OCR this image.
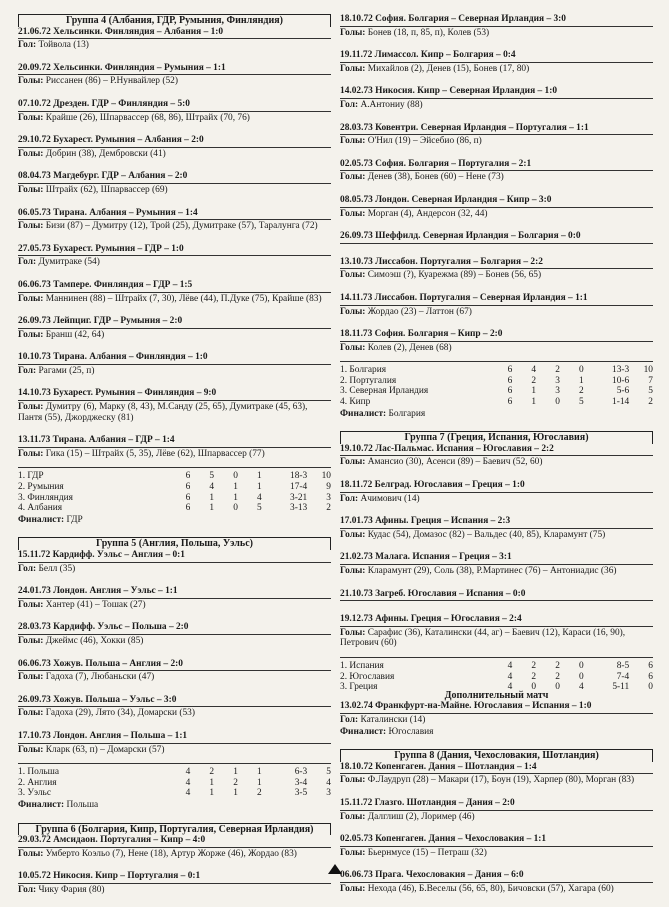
Группа 4 (Албания, ГДР, Румыния, Финляндия)
21.06.72 Хельсинки. Финляндия – Албания – 1:0
Гол: Тойвола (13)
20.09.72 Хельсинки. Финляндия – Румыния – 1:1
Голы: Риссанен (86) – Р.Нунвайлер (52)
07.10.72 Дрезден. ГДР – Финляндия – 5:0
Голы: Крайше (26), Шпарвассер (68, 86), Штрайх (70, 76)
29.10.72 Бухарест. Румыния – Албания – 2:0
Голы: Добрин (38), Дембровски (41)
08.04.73 Магдебург. ГДР – Албания – 2:0
Голы: Штрайх (62), Шпарвассер (69)
06.05.73 Тирана. Албания – Румыния – 1:4
Голы: Бизи (87) – Думитру (12), Трой (25), Думитраке (57), Таралунга (72)
27.05.73 Бухарест. Румыния – ГДР – 1:0
Гол: Думитраке (54)
06.06.73 Тампере. Финляндия – ГДР – 1:5
Голы: Маннинен (88) – Штрайх (7, 30), Лёве (44), П.Дуке (75), Крайше (83)
26.09.73 Лейпциг. ГДР – Румыния – 2:0
Голы: Бранш (42, 64)
10.10.73 Тирана. Албания – Финляндия – 1:0
Гол: Рагами (25, п)
14.10.73 Бухарест. Румыния – Финляндия – 9:0
Голы: Думитру (6), Марку (8, 43), М.Санду (25, 65), Думитраке (45, 63), Пантя (55), Джорджеску (81)
13.11.73 Тирана. Албания – ГДР – 1:4
Голы: Гика (15) – Штрайх (5, 35), Лёве (62), Шпарвассер (77)
1. ГДР	6	5	0	1	18-3	10
2. Румыния	6	4	1	1	17-4	9
3. Финляндия	6	1	1	4	3-21	3
4. Албания	6	1	0	5	3-13	2
Финалист: ГДР
Группа 5 (Англия, Польша, Уэльс)
15.11.72 Кардифф. Уэльс – Англия – 0:1
Гол: Белл (35)
24.01.73 Лондон. Англия – Уэльс – 1:1
Голы: Хантер (41) – Тошак (27)
28.03.73 Кардифф. Уэльс – Польша – 2:0
Голы: Джеймс (46), Хокки (85)
06.06.73 Хожув. Польша – Англия – 2:0
Голы: Гадоха (7), Любаньски (47)
26.09.73 Хожув. Польша – Уэльс – 3:0
Голы: Гадоха (29), Лято (34), Домарски (53)
17.10.73 Лондон. Англия – Польша – 1:1
Голы: Кларк (63, п) – Домарски (57)
1. Польша	4	2	1	1	6-3	5
2. Англия	4	1	2	1	3-4	4
3. Уэльс	4	1	1	2	3-5	3
Финалист: Польша
Группа 6 (Болгария, Кипр, Португалия, Северная Ирландия)
29.03.72 Амсидаон. Португалия – Кипр – 4:0
Голы: Умберто Коэльо (7), Нене (18), Артур Жорже (46), Жордао (83)
10.05.72 Никосия. Кипр – Португалия – 0:1
Гол: Чику Фария (80)
18.10.72 София. Болгария – Северная Ирландия – 3:0
Голы: Бонев (18, п, 85, п), Колев (53)
19.11.72 Лимассол. Кипр – Болгария – 0:4
Голы: Михайлов (2), Денев (15), Бонев (17, 80)
14.02.73 Никосия. Кипр – Северная Ирландия – 1:0
Гол: А.Антониу (88)
28.03.73 Ковентри. Северная Ирландия – Португалия – 1:1
Голы: О'Нил (19) – Эйсебио (86, п)
02.05.73 София. Болгария – Португалия – 2:1
Голы: Денев (38), Бонев (60) – Нене (73)
08.05.73 Лондон. Северная Ирландия – Кипр – 3:0
Голы: Морган (4), Андерсон (32, 44)
26.09.73 Шеффилд. Северная Ирландия – Болгария – 0:0
13.10.73 Лиссабон. Португалия – Болгария – 2:2
Голы: Симоэш (?), Куарежма (89) – Бонев (56, 65)
14.11.73 Лиссабон. Португалия – Северная Ирландия – 1:1
Голы: Жордао (23) – Латтон (67)
18.11.73 София. Болгария – Кипр – 2:0
Голы: Колев (2), Денев (68)
1. Болгария	6	4	2	0	13-3	10
2. Португалия	6	2	3	1	10-6	7
3. Северная Ирландия	6	1	3	2	5-6	5
4. Кипр	6	1	0	5	1-14	2
Финалист: Болгария
Группа 7 (Греция, Испания, Югославия)
19.10.72 Лас-Пальмас. Испания – Югославия – 2:2
Голы: Амансио (30), Асенси (89) – Баевич (52, 60)
18.11.72 Белград. Югославия – Греция – 1:0
Гол: Ачимович (14)
17.01.73 Афины. Греция – Испания – 2:3
Голы: Кудас (54), Домазос (82) – Вальдес (40, 85), Кларамунт (75)
21.02.73 Малага. Испания – Греция – 3:1
Голы: Кларамунт (29), Соль (38), Р.Мартинес (76) – Антониадис (36)
21.10.73 Загреб. Югославия – Испания – 0:0
19.12.73 Афины. Греция – Югославия – 2:4
Голы: Сарафис (36), Каталински (44, аг) – Баевич (12), Караси (16, 90), Петрович (60)
1. Испания	4	2	2	0	8-5	6
2. Югославия	4	2	2	0	7-4	6
3. Греция	4	0	0	4	5-11	0
Дополнительный матч
13.02.74 Франкфурт-на-Майне. Югославия – Испания – 1:0
Гол: Каталински (14)
Финалист: Югославия
Группа 8 (Дания, Чехословакия, Шотландия)
18.10.72 Копенгаген. Дания – Шотландия – 1:4
Голы: Ф.Лаудруп (28) – Макари (17), Боун (19), Харпер (80), Морган (83)
15.11.72 Глазго. Шотландия – Дания – 2:0
Голы: Далглиш (2), Лоример (46)
02.05.73 Копенгаген. Дания – Чехословакия – 1:1
Голы: Бьернмусе (15) – Петраш (32)
06.06.73 Прага. Чехословакия – Дания – 6:0
Голы: Нехода (46), Б.Веселы (56, 65, 80), Бичовски (57), Хагара (60)
